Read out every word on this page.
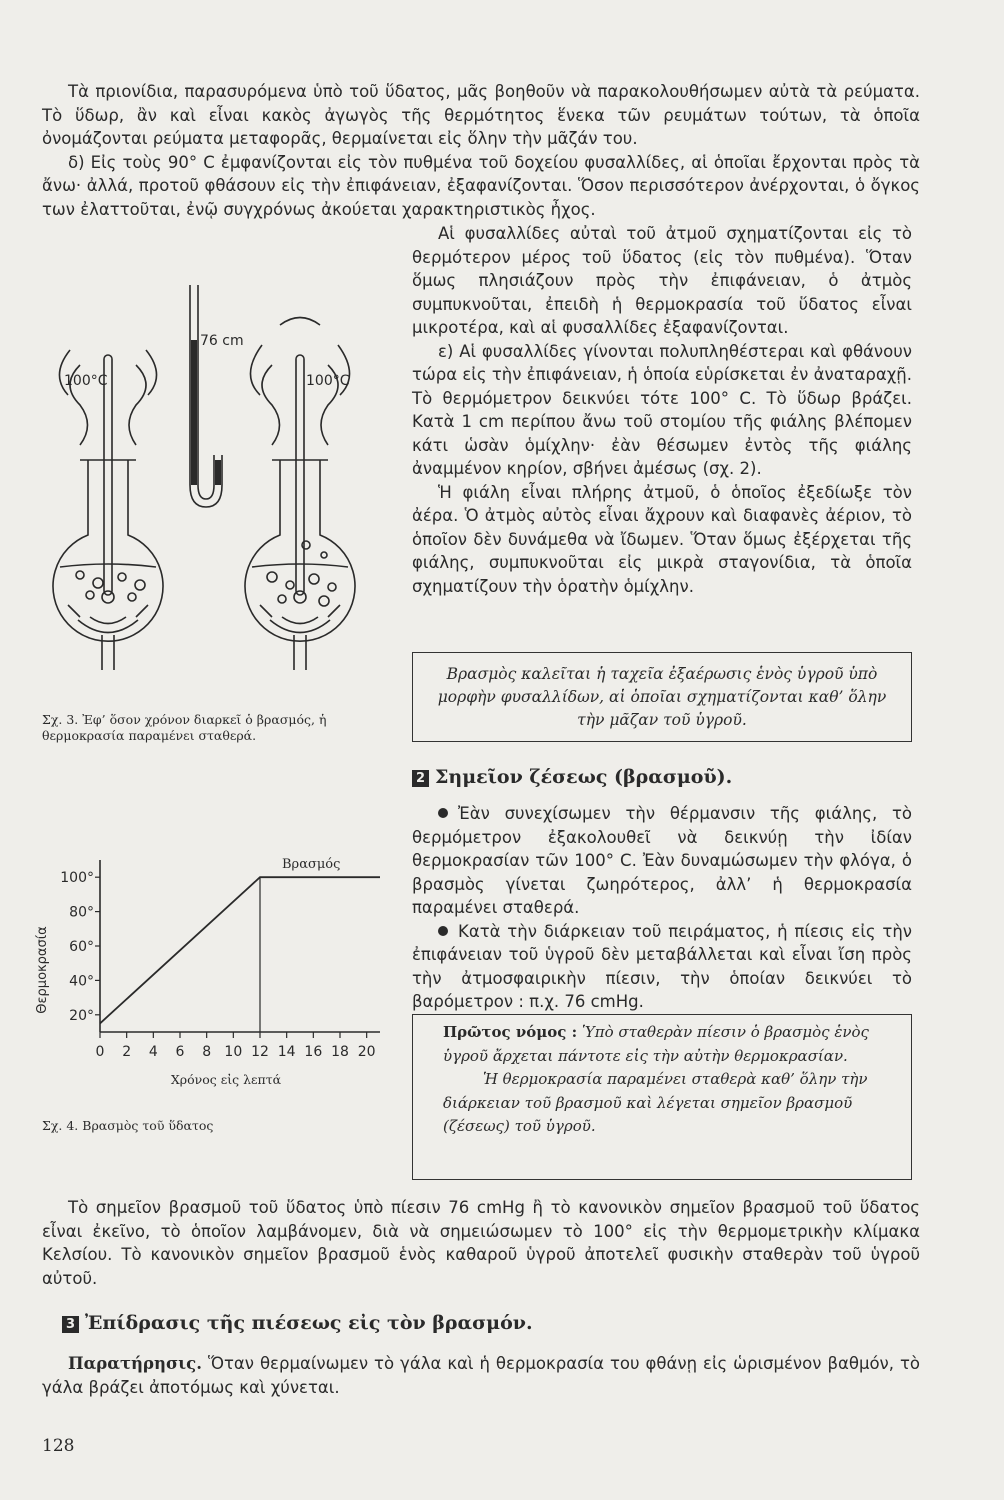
Τὰ πριονίδια, παρασυρόμενα ὑπὸ τοῦ ὕδατος, μᾶς βοηθοῦν νὰ παρακολουθήσωμεν αὐτὰ τὰ ρεύματα. Τὸ ὕδωρ, ἂν καὶ εἶναι κακὸς ἀγωγὸς τῆς θερμότητος ἕνεκα τῶν ρευμάτων τούτων, τὰ ὁποῖα ὀνομάζονται ρεύματα μεταφορᾶς, θερμαίνεται εἰς ὅλην τὴν μᾶζάν του.

δ) Εἰς τοὺς 90° C ἐμφανίζονται εἰς τὸν πυθμένα τοῦ δοχείου φυσαλλίδες, αἱ ὁποῖαι ἔρχονται πρὸς τὰ ἄνω· ἀλλά, προτοῦ φθάσουν εἰς τὴν ἐπιφάνειαν, ἐξαφανίζονται. Ὅσον περισσότερον ἀνέρχονται, ὁ ὄγκος των ἐλαττοῦται, ἐνῷ συγχρόνως ἀκούεται χαρακτηριστικὸς ἦχος.

76 cm
100°C	100°C

Αἱ φυσαλλίδες αὐταὶ τοῦ ἀτμοῦ σχηματίζονται εἰς τὸ θερμότερον μέρος τοῦ ὕδατος (εἰς τὸν πυθμένα). Ὅταν ὅμως πλησιάζουν πρὸς τὴν ἐπιφάνειαν, ὁ ἀτμὸς συμπυκνοῦται, ἐπειδὴ ἡ θερμοκρασία τοῦ ὕδατος εἶναι μικροτέρα, καὶ αἱ φυσαλλίδες ἐξαφανίζονται.

ε) Αἱ φυσαλλίδες γίνονται πολυπληθέστεραι καὶ φθάνουν τώρα εἰς τὴν ἐπιφάνειαν, ἡ ὁποία εὑρίσκεται ἐν ἀναταραχῇ. Τὸ θερμόμετρον δεικνύει τότε 100° C. Τὸ ὕδωρ βράζει. Κατὰ 1 cm περίπου ἄνω τοῦ στομίου τῆς φιάλης βλέπομεν κάτι ὡσὰν ὁμίχλην· ἐὰν θέσωμεν ἐντὸς τῆς φιάλης ἀναμμένον κηρίον, σβήνει ἀμέσως (σχ. 2).

Ἡ φιάλη εἶναι πλήρης ἀτμοῦ, ὁ ὁποῖος ἐξεδίωξε τὸν ἀέρα. Ὁ ἀτμὸς αὐτὸς εἶναι ἄχρουν καὶ διαφανὲς ἀέριον, τὸ ὁποῖον δὲν δυνάμεθα νὰ ἴδωμεν. Ὅταν ὅμως ἐξέρχεται τῆς φιάλης, συμπυκνοῦται εἰς μικρὰ σταγονίδια, τὰ ὁποῖα σχηματίζουν τὴν ὁρατὴν ὁμίχλην.

Σχ. 3. Ἐφ’ ὅσον χρόνον διαρκεῖ ὁ βρασμός, ἡ θερμοκρασία παραμένει σταθερά.
Βρασμὸς καλεῖται ἡ ταχεῖα ἐξαέρωσις ἑνὸς ὑγροῦ ὑπὸ μορφὴν φυσαλλίδων, αἱ ὁποῖαι σχηματίζονται καθ’ ὅλην τὴν μᾶζαν τοῦ ὑγροῦ.
2 Σημεῖον ζέσεως (βρασμοῦ).

Ἐὰν συνεχίσωμεν τὴν θέρμανσιν τῆς φιάλης, τὸ θερμόμετρον ἐξακολουθεῖ νὰ δεικνύῃ τὴν ἰδίαν θερμοκρασίαν τῶν 100° C. Ἐὰν δυναμώσωμεν τὴν φλόγα, ὁ βρασμὸς γίνεται ζωηρότερος, ἀλλ’ ἡ θερμοκρασία παραμένει σταθερά.

Κατὰ τὴν διάρκειαν τοῦ πειράματος, ἡ πίεσις εἰς τὴν ἐπιφάνειαν τοῦ ὑγροῦ δὲν μεταβάλλεται καὶ εἶναι ἴση πρὸς τὴν ἀτμοσφαιρικὴν πίεσιν, τὴν ὁποίαν δεικνύει τὸ βαρόμετρον : π.χ. 76 cmHg.

Θερμοκρασία
Χρόνος εἰς λεπτά
Βρασμός
0 2 4 6 8 10 12 14 16 18 20
20°
40°
60°
80°
100°
Σχ. 4. Βρασμὸς τοῦ ὕδατος

Πρῶτος νόμος : Ὑπὸ σταθερὰν πίεσιν ὁ βρασμὸς ἑνὸς ὑγροῦ ἄρχεται πάντοτε εἰς τὴν αὐτὴν θερμοκρασίαν.

Ἡ θερμοκρασία παραμένει σταθερὰ καθ’ ὅλην τὴν διάρκειαν τοῦ βρασμοῦ καὶ λέγεται σημεῖον βρασμοῦ (ζέσεως) τοῦ ὑγροῦ.

Τὸ σημεῖον βρασμοῦ τοῦ ὕδατος ὑπὸ πίεσιν 76 cmHg ἢ τὸ κανονικὸν σημεῖον βρασμοῦ τοῦ ὕδατος εἶναι ἐκεῖνο, τὸ ὁποῖον λαμβάνομεν, διὰ νὰ σημειώσωμεν τὸ 100° εἰς τὴν θερμομετρικὴν κλίμακα Κελσίου. Τὸ κανονικὸν σημεῖον βρασμοῦ ἑνὸς καθαροῦ ὑγροῦ ἀποτελεῖ φυσικὴν σταθερὰν τοῦ ὑγροῦ αὐτοῦ.

3 Ἐπίδρασις τῆς πιέσεως εἰς τὸν βρασμόν.

Παρατήρησις. Ὅταν θερμαίνωμεν τὸ γάλα καὶ ἡ θερμοκρασία του φθάνῃ εἰς ὡρισμένον βαθμόν, τὸ γάλα βράζει ἀποτόμως καὶ χύνεται.

128
